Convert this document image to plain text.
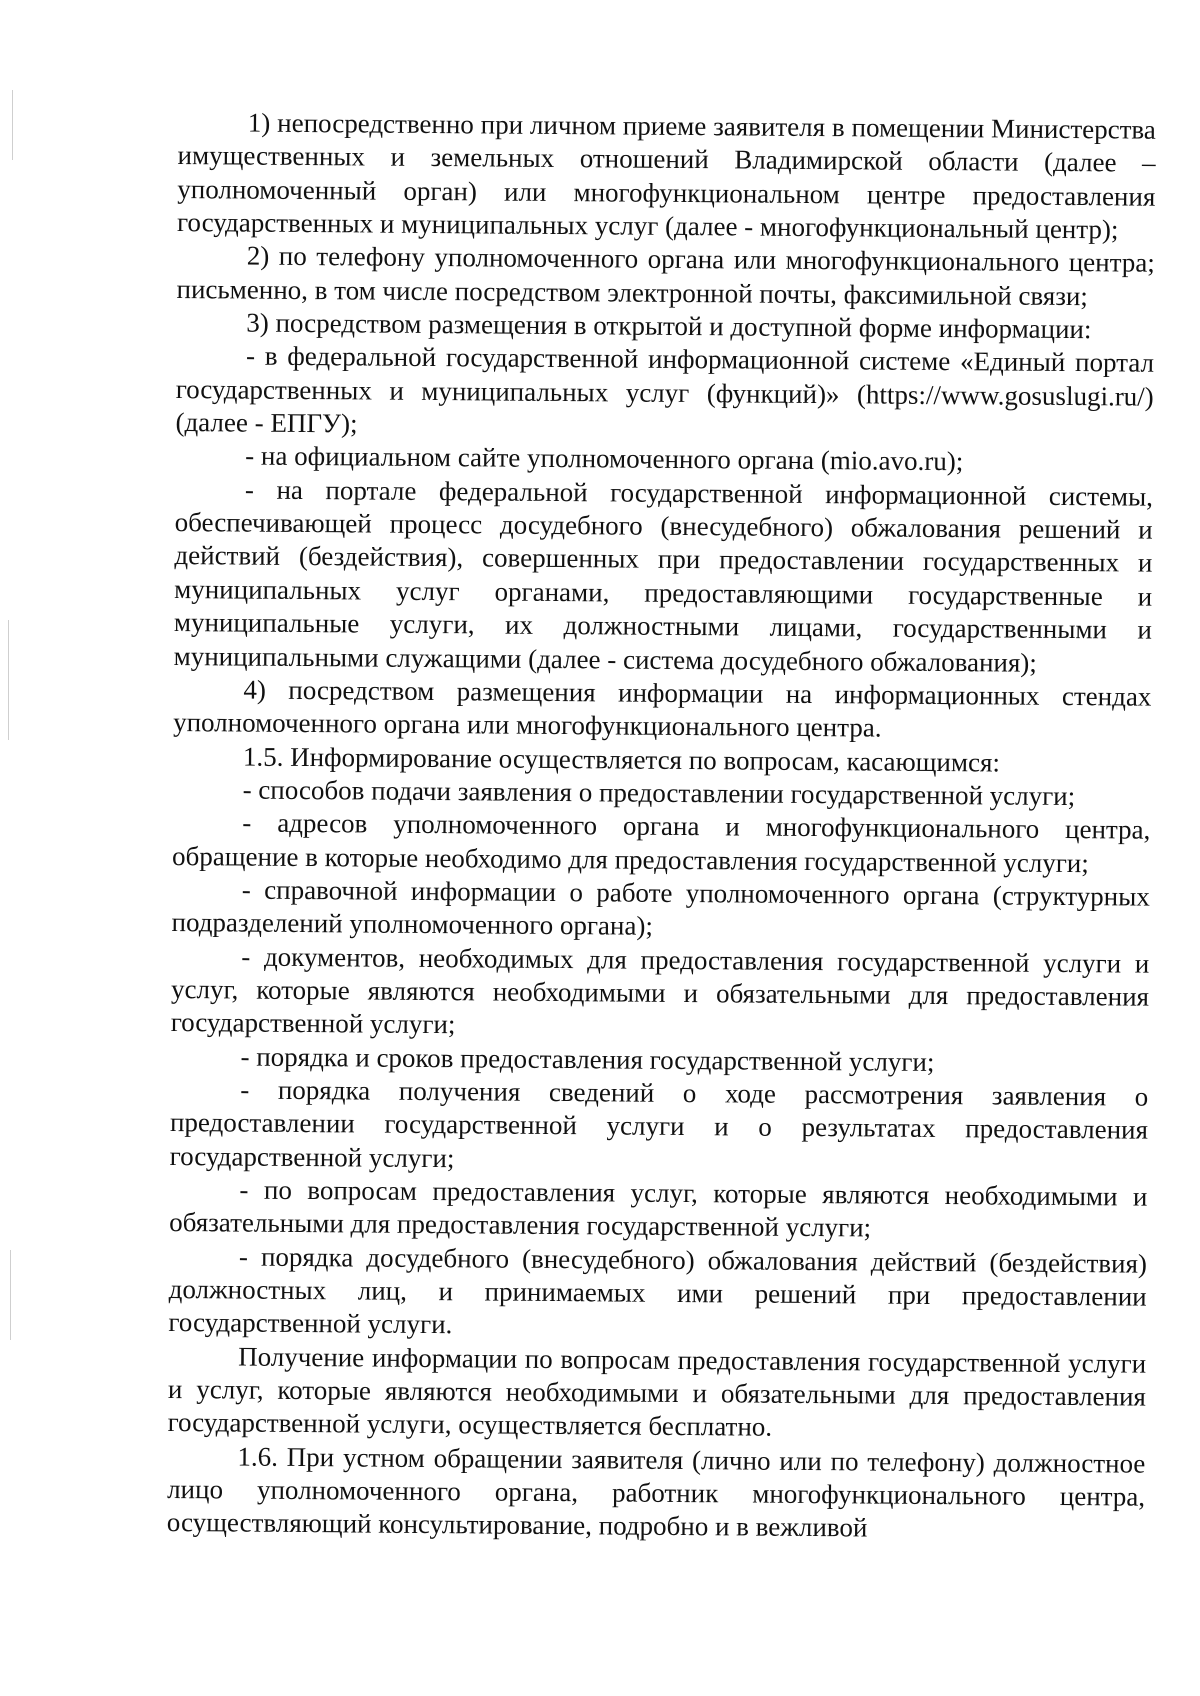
1) непосредственно при личном приеме заявителя в помещении Министерства имущественных и земельных отношений Владимирской области (далее – уполномоченный орган) или многофункциональном центре предоставления государственных и муниципальных услуг (далее - многофункциональный центр);

2) по телефону уполномоченного органа или многофункционального центра; письменно, в том числе посредством электронной почты, факсимильной связи;

3) посредством размещения в открытой и доступной форме информации:

- в федеральной государственной информационной системе «Единый портал государственных и муниципальных услуг (функций)» (https://www.gosuslugi.ru/) (далее - ЕПГУ);

- на официальном сайте уполномоченного органа (mio.avo.ru);

- на портале федеральной государственной информационной системы, обеспечивающей процесс досудебного (внесудебного) обжалования решений и действий (бездействия), совершенных при предоставлении государственных и муниципальных услуг органами, предоставляющими государственные и муниципальные услуги, их должностными лицами, государственными и муниципальными служащими (далее - система досудебного обжалования);

4) посредством размещения информации на информационных стендах уполномоченного органа или многофункционального центра.

1.5. Информирование осуществляется по вопросам, касающимся:

- способов подачи заявления о предоставлении государственной услуги;

- адресов уполномоченного органа и многофункционального центра, обращение в которые необходимо для предоставления государственной услуги;

- справочной информации о работе уполномоченного органа (структурных подразделений уполномоченного органа);

- документов, необходимых для предоставления государственной услуги и услуг, которые являются необходимыми и обязательными для предоставления государственной услуги;

- порядка и сроков предоставления государственной услуги;

- порядка получения сведений о ходе рассмотрения заявления о предоставлении государственной услуги и о результатах предоставления государственной услуги;

- по вопросам предоставления услуг, которые являются необходимыми и обязательными для предоставления государственной услуги;

- порядка досудебного (внесудебного) обжалования действий (бездействия) должностных лиц, и принимаемых ими решений при предоставлении государственной услуги.

Получение информации по вопросам предоставления государственной услуги и услуг, которые являются необходимыми и обязательными для предоставления государственной услуги, осуществляется бесплатно.

1.6. При устном обращении заявителя (лично или по телефону) должностное лицо уполномоченного органа, работник многофункционального центра, осуществляющий консультирование, подробно и в вежливой
